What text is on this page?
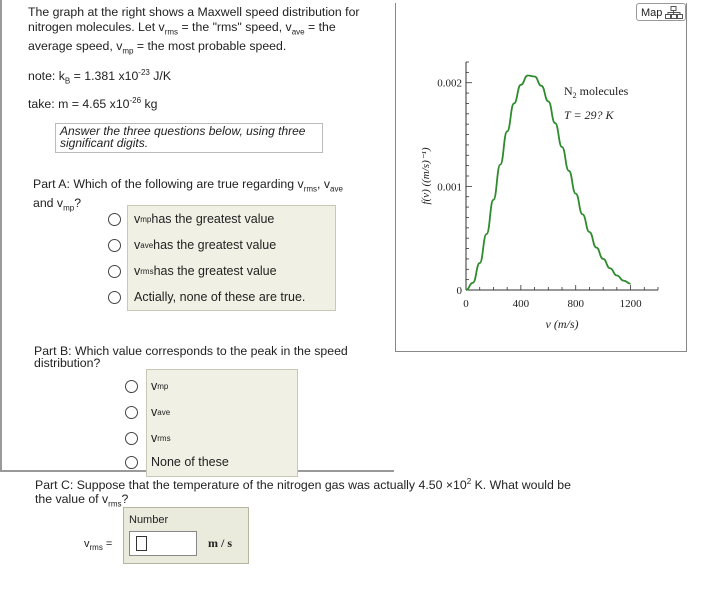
The graph at the right shows a Maxwell speed distribution for
nitrogen molecules. Let $v_{rms}$ = the "rms" speed, $v_{ave}$ = the
average speed, $v_{mp}$ = the most probable speed.
note: $k_B = 1.381$ $x10^{-23}$ J/K
take: m = 4.65 $x10^{-26}$ kg
Answer the three questions below, using three significant digits.
Part A: Which of the following are true regarding $v_{rms}$, $v_{ave}$
and $v_{mp}$?
v mp has the greatest value
v ave has the greatest value
v rms has the greatest value
Actially, none of these are true.
Part B: Which value corresponds to the peak in the speed
distribution?
v mp
v ave
v rms
None of these
Part C: Suppose that the temperature of the nitrogen gas was actually $4.50 \times 10^2$ K. What would be
the value of $v_{rms}$?
$v_{rms}$ =
Number
m / s
Map
0	400	800	1200
0
0.001
0.002
v (m/s)
f(v) ((m/s)⁻¹)
$N_2$ molecules
T = 29? K
